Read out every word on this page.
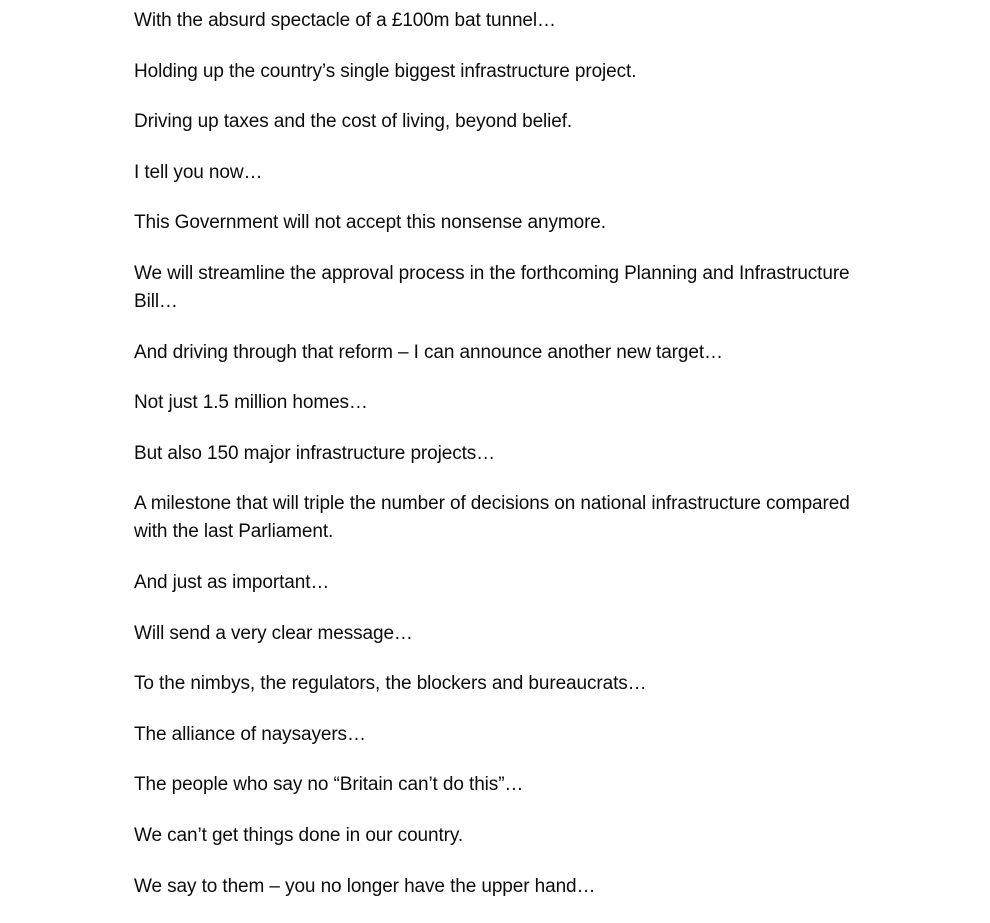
With the absurd spectacle of a £100m bat tunnel…

Holding up the country’s single biggest infrastructure project.

Driving up taxes and the cost of living, beyond belief.

I tell you now…

This Government will not accept this nonsense anymore.

We will streamline the approval process in the forthcoming Planning and Infrastructure Bill…

And driving through that reform – I can announce another new target…

Not just 1.5 million homes…

But also 150 major infrastructure projects…

A milestone that will triple the number of decisions on national infrastructure compared with the last Parliament.

And just as important…

Will send a very clear message…

To the nimbys, the regulators, the blockers and bureaucrats…

The alliance of naysayers…

The people who say no “Britain can’t do this”…

We can’t get things done in our country.

We say to them – you no longer have the upper hand…
